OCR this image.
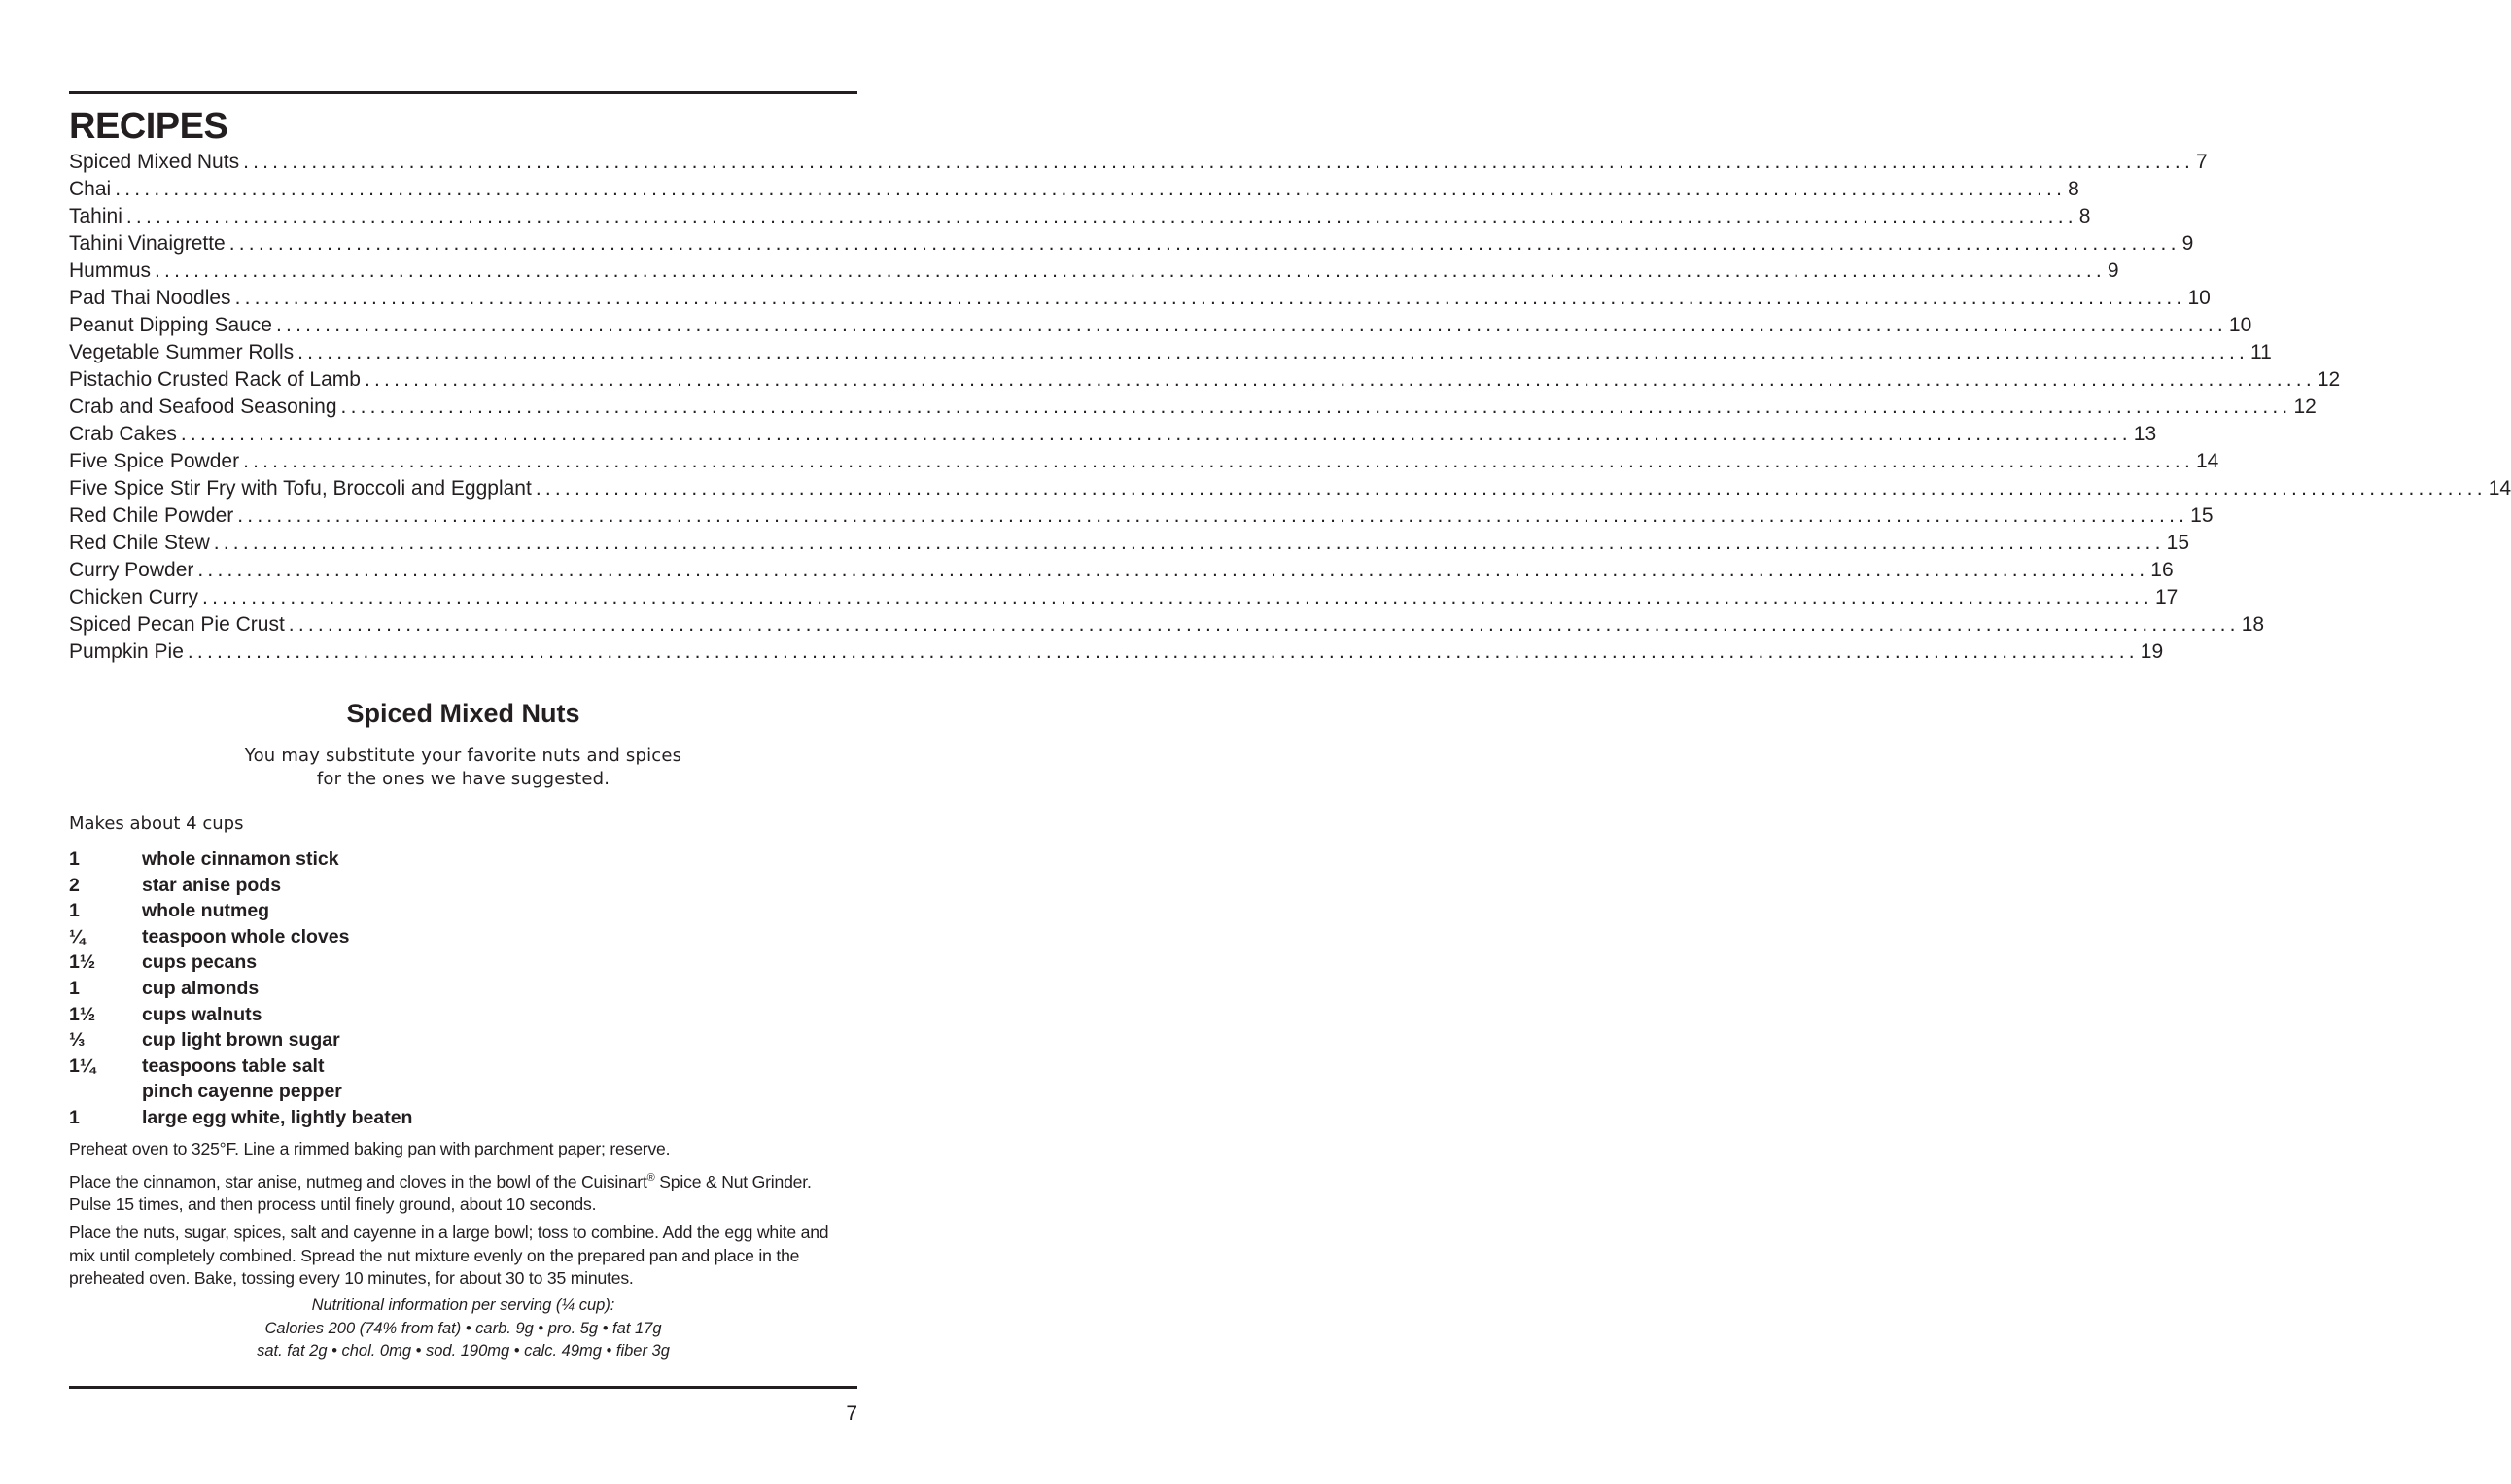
RECIPES
Spiced Mixed Nuts ........................................................................................................................................................................................................ 7
Chai ........................................................................................................................................................................................................ 8
Tahini ........................................................................................................................................................................................................ 8
Tahini Vinaigrette ........................................................................................................................................................................................................ 9
Hummus ........................................................................................................................................................................................................ 9
Pad Thai Noodles ........................................................................................................................................................................................................ 10
Peanut Dipping Sauce ........................................................................................................................................................................................................ 10
Vegetable Summer Rolls ........................................................................................................................................................................................................ 11
Pistachio Crusted Rack of Lamb ........................................................................................................................................................................................................ 12
Crab and Seafood Seasoning ........................................................................................................................................................................................................ 12
Crab Cakes ........................................................................................................................................................................................................ 13
Five Spice Powder ........................................................................................................................................................................................................ 14
Five Spice Stir Fry with Tofu, Broccoli and Eggplant ........................................................................................................................................................................................................ 14
Red Chile Powder ........................................................................................................................................................................................................ 15
Red Chile Stew ........................................................................................................................................................................................................ 15
Curry Powder ........................................................................................................................................................................................................ 16
Chicken Curry ........................................................................................................................................................................................................ 17
Spiced Pecan Pie Crust ........................................................................................................................................................................................................ 18
Pumpkin Pie ........................................................................................................................................................................................................ 19
Spiced Mixed Nuts
You may substitute your favorite nuts and spices
for the ones we have suggested.
Makes about 4 cups
1	whole cinnamon stick
2	star anise pods
1	whole nutmeg
¼	teaspoon whole cloves
1½	cups pecans
1	cup almonds
1½	cups walnuts
⅓	cup light brown sugar
1¼	teaspoons table salt
pinch cayenne pepper
1	large egg white, lightly beaten

Preheat oven to 325°F. Line a rimmed baking pan with parchment paper; reserve.

Place the cinnamon, star anise, nutmeg and cloves in the bowl of the Cuisinart® Spice & Nut Grinder. Pulse 15 times, and then process until finely ground, about 10 seconds.

Place the nuts, sugar, spices, salt and cayenne in a large bowl; toss to combine. Add the egg white and mix until completely combined. Spread the nut mixture evenly on the prepared pan and place in the preheated oven. Bake, tossing every 10 minutes, for about 30 to 35 minutes.

Nutritional information per serving (¼ cup):
Calories 200 (74% from fat) • carb. 9g • pro. 5g • fat 17g
sat. fat 2g • chol. 0mg • sod. 190mg • calc. 49mg • fiber 3g
7
